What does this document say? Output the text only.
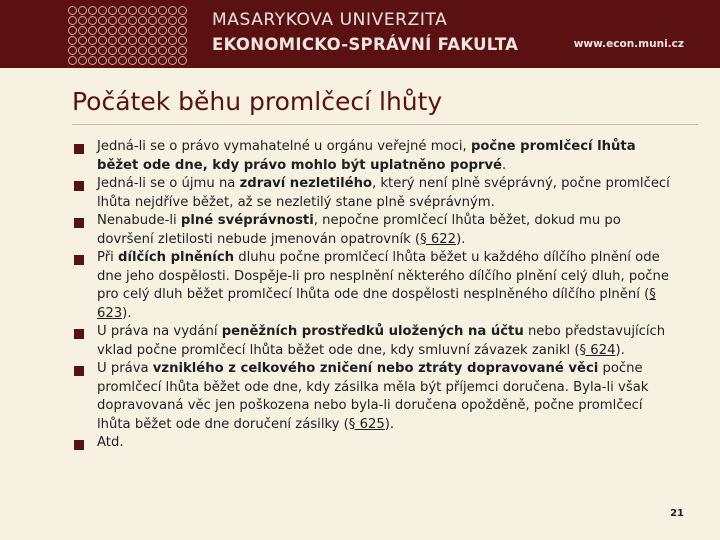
MASARYKOVA UNIVERZITA
EKONOMICKO-SPRÁVNÍ FAKULTA	www.econ.muni.cz
Počátek běhu promlčecí lhůty
Jedná-li se o právo vymahatelné u orgánu veřejné moci, počne promlčecí lhůta běžet ode dne, kdy právo mohlo být uplatněno poprvé.
Jedná-li se o újmu na zdraví nezletilého, který není plně svéprávný, počne promlčecí lhůta nejdříve běžet, až se nezletilý stane plně svéprávným.
Nenabude-li plné svéprávnosti, nepočne promlčecí lhůta běžet, dokud mu po dovršení zletilosti nebude jmenován opatrovník (§ 622).
Při dílčích plněních dluhu počne promlčecí lhůta běžet u každého dílčího plnění ode dne jeho dospělosti. Dospěje-li pro nesplnění některého dílčího plnění celý dluh, počne pro celý dluh běžet promlčecí lhůta ode dne dospělosti nesplněného dílčího plnění (§ 623).
U práva na vydání peněžních prostředků uložených na účtu nebo představujících vklad počne promlčecí lhůta běžet ode dne, kdy smluvní závazek zanikl (§ 624).
U práva vzniklého z celkového zničení nebo ztráty dopravované věci počne promlčecí lhůta běžet ode dne, kdy zásilka měla být příjemci doručena. Byla-li však dopravovaná věc jen poškozena nebo byla-li doručena opožděně, počne promlčecí lhůta běžet ode dne doručení zásilky (§ 625).
Atd.
21
